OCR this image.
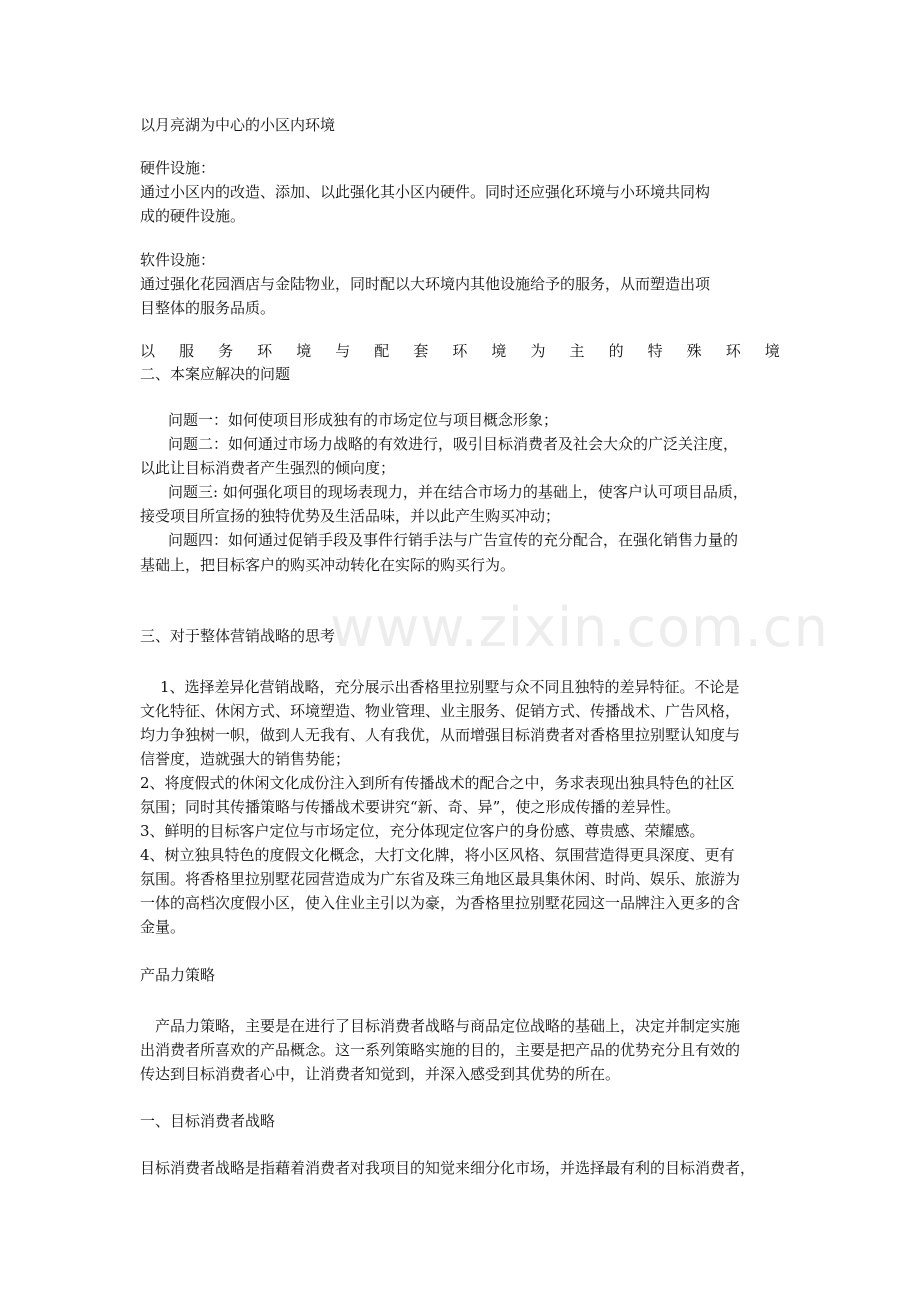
www.zixin.com.cn
以月亮湖为中心的小区内环境
硬件设施：
通过小区内的改造、添加、以此强化其小区内硬件。同时还应强化环境与小环境共同构
成的硬件设施。
软件设施：
通过强化花园酒店与金陆物业，同时配以大环境内其他设施给予的服务，从而塑造出项
目整体的服务品质。
以 服 务 环 境 与 配 套 环 境 为 主 的 特 殊 环 境
二、本案应解决的问题
问题一：如何使项目形成独有的市场定位与项目概念形象；
问题二：如何通过市场力战略的有效进行，吸引目标消费者及社会大众的广泛关注度，
以此让目标消费者产生强烈的倾向度；
问题三: 如何强化项目的现场表现力，并在结合市场力的基础上，使客户认可项目品质，
接受项目所宣扬的独特优势及生活品味，并以此产生购买冲动；
问题四：如何通过促销手段及事件行销手法与广告宣传的充分配合，在强化销售力量的
基础上，把目标客户的购买冲动转化在实际的购买行为。
三、对于整体营销战略的思考
1、选择差异化营销战略，充分展示出香格里拉别墅与众不同且独特的差异特征。不论是
文化特征、休闲方式、环境塑造、物业管理、业主服务、促销方式、传播战术、广告风格，
均力争独树一帜，做到人无我有、人有我优，从而增强目标消费者对香格里拉别墅认知度与
信誉度，造就强大的销售势能；
2、将度假式的休闲文化成份注入到所有传播战术的配合之中，务求表现出独具特色的社区
氛围；同时其传播策略与传播战术要讲究“新、奇、异”，使之形成传播的差异性。
3、鲜明的目标客户定位与市场定位，充分体现定位客户的身份感、尊贵感、荣耀感。
4、树立独具特色的度假文化概念，大打文化牌，将小区风格、氛围营造得更具深度、更有
氛围。将香格里拉别墅花园营造成为广东省及珠三角地区最具集休闲、时尚、娱乐、旅游为
一体的高档次度假小区，使入住业主引以为豪，为香格里拉别墅花园这一品牌注入更多的含
金量。
产品力策略
产品力策略，主要是在进行了目标消费者战略与商品定位战略的基础上，决定并制定实施
出消费者所喜欢的产品概念。这一系列策略实施的目的，主要是把产品的优势充分且有效的
传达到目标消费者心中，让消费者知觉到，并深入感受到其优势的所在。
一、目标消费者战略
目标消费者战略是指藉着消费者对我项目的知觉来细分化市场，并选择最有利的目标消费者，
